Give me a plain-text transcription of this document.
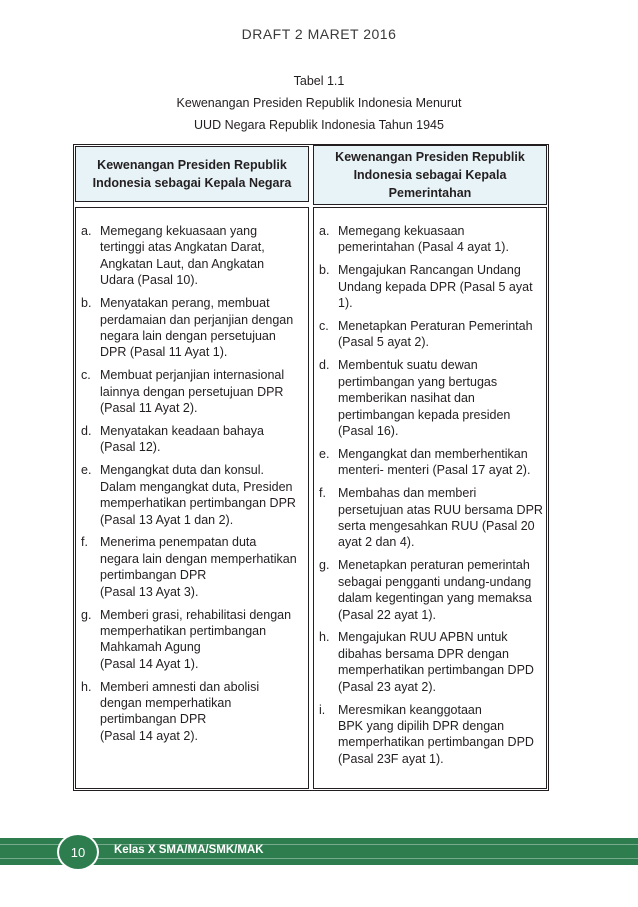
DRAFT 2 MARET 2016
Tabel 1.1
Kewenangan Presiden Republik Indonesia Menurut
UUD Negara Republik Indonesia Tahun 1945
Kewenangan Presiden Republik
Indonesia sebagai Kepala Negara
Kewenangan Presiden Republik
Indonesia sebagai Kepala
Pemerintahan
a. Memegang kekuasaan yang
tertinggi atas Angkatan Darat,
Angkatan Laut, dan Angkatan
Udara (Pasal 10).
b. Menyatakan perang, membuat
perdamaian dan perjanjian dengan
negara lain dengan persetujuan
DPR (Pasal 11 Ayat 1).
c. Membuat perjanjian internasional
lainnya dengan persetujuan DPR
(Pasal 11 Ayat 2).
d. Menyatakan keadaan bahaya
(Pasal 12).
e. Mengangkat duta dan konsul.
Dalam mengangkat duta, Presiden
memperhatikan pertimbangan DPR
(Pasal 13 Ayat 1 dan 2).
f. Menerima penempatan duta
negara lain dengan memperhatikan
pertimbangan DPR
(Pasal 13 Ayat 3).
g. Memberi grasi, rehabilitasi dengan
memperhatikan pertimbangan
Mahkamah Agung
(Pasal 14 Ayat 1).
h. Memberi amnesti dan abolisi
dengan memperhatikan
pertimbangan DPR
(Pasal 14 ayat 2).
a. Memegang kekuasaan
pemerintahan (Pasal 4 ayat 1).
b. Mengajukan Rancangan Undang
Undang kepada DPR (Pasal 5 ayat
1).
c. Menetapkan Peraturan Pemerintah
(Pasal 5 ayat 2).
d. Membentuk suatu dewan
pertimbangan yang bertugas
memberikan nasihat dan
pertimbangan kepada presiden
(Pasal 16).
e. Mengangkat dan memberhentikan
menteri- menteri (Pasal 17 ayat 2).
f. Membahas dan memberi
persetujuan atas RUU bersama DPR
serta mengesahkan RUU (Pasal 20
ayat 2 dan 4).
g. Menetapkan peraturan pemerintah
sebagai pengganti undang-undang
dalam kegentingan yang memaksa
(Pasal 22 ayat 1).
h. Mengajukan RUU APBN untuk
dibahas bersama DPR dengan
memperhatikan pertimbangan DPD
(Pasal 23 ayat 2).
i.	Meresmikan keanggotaan
BPK yang dipilih DPR dengan
memperhatikan pertimbangan DPD
(Pasal 23F ayat 1).
10	Kelas X SMA/MA/SMK/MAK
